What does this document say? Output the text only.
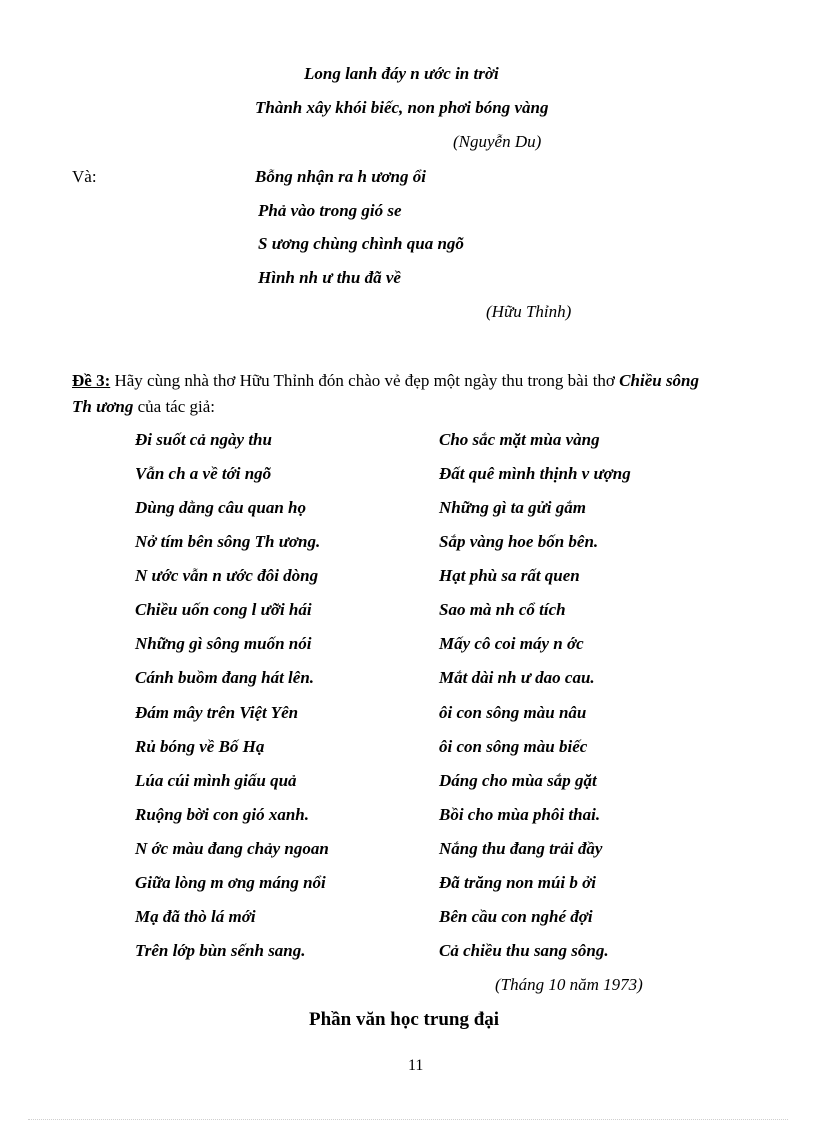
Long lanh đáy n ước in trời
Thành xây khói biếc, non phơi bóng vàng
(Nguyễn Du)
Và:	Bỗng nhận ra h ương ổi
Phả vào trong gió se
S ương chùng chình qua ngõ
Hình nh ư thu đã về
(Hữu Thỉnh)
Đề 3: Hãy cùng nhà thơ Hữu Thỉnh đón chào vẻ đẹp một ngày thu trong bài thơ Chiều sông
Th ương của tác giả:
Đi suốt cả ngày thu
Vẫn ch a về tới ngõ
Dùng dằng câu quan họ
Nở tím bên sông Th ương.
N ước vẫn n ước đôi dòng
Chiều uốn cong l ưỡi hái
Những gì sông muốn nói
Cánh buồm đang hát lên.
Đám mây trên Việt Yên
Rủ bóng về Bố Hạ
Lúa cúi mình giấu quả
Ruộng bời con gió xanh.
N ớc màu đang chảy ngoan
Giữa lòng m ơng máng nổi
Mạ đã thò lá mới
Trên lớp bùn sếnh sang.
Cho sắc mặt mùa vàng
Đất quê mình thịnh v ượng
Những gì ta gửi gắm
Sắp vàng hoe bốn bên.
Hạt phù sa rất quen
Sao mà nh cổ tích
Mấy cô coi máy n ớc
Mắt dài nh ư dao cau.
ôi con sông màu nâu
ôi con sông màu biếc
Dáng cho mùa sắp gặt
Bồi cho mùa phôi thai.
Nắng thu đang trải đầy
Đã trăng non múi b ởi
Bên cầu con nghé đợi
Cả chiều thu sang sông.
(Tháng 10 năm 1973)
Phần văn học trung đại
11
